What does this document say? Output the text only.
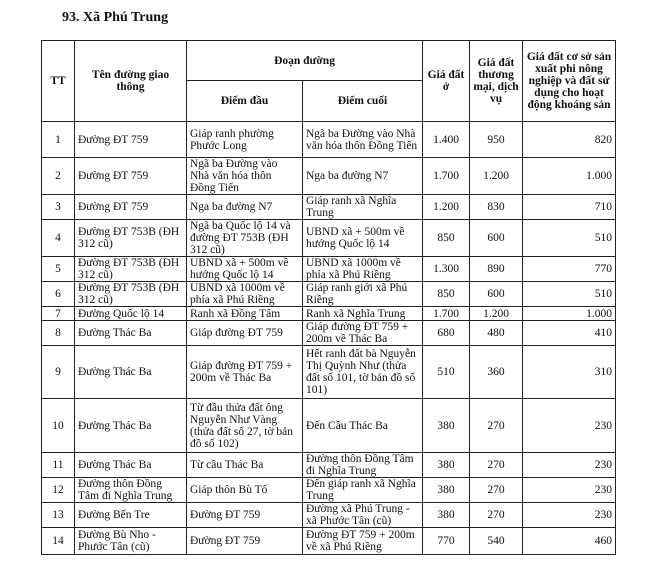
93. Xã Phú Trung
TT	Tên đường giao thông	Đoạn đường		Giá đất ở	Giá đất thương mại, dịch vụ	Giá đất cơ sở sản xuất phi nông nghiệp và đất sử dụng cho hoạt động khoáng sản
		Điểm đầu	Điểm cuối			
1	Đường ĐT 759	Giáp ranh phường Phước Long	Ngã ba Đường vào Nhà văn hóa thôn Đồng Tiến	1.400	950	820
2	Đường ĐT 759	Ngã ba Đường vào Nhà văn hóa thôn Đồng Tiến	Nga ba đường N7	1.700	1.200	1.000
3	Đường ĐT 759	Nga ba đường N7	Giáp ranh xã Nghĩa Trung	1.200	830	710
4	Đường ĐT 753B (ĐH 312 cũ)	Ngã ba Quốc lộ 14 và đường ĐT 753B (ĐH 312 cũ)	UBND xã + 500m về hướng Quốc lộ 14	850	600	510
5	Đường ĐT 753B (ĐH 312 cũ)	UBND xã + 500m về hướng Quốc lộ 14	UBND xã 1000m về phía xã Phú Riềng	1.300	890	770
6	Đường ĐT 753B (ĐH 312 cũ)	UBND xã 1000m về phía xã Phú Riềng	Giáp ranh giới xã Phú Riềng	850	600	510
7	Đường Quốc lộ 14	Ranh xã Đồng Tâm	Ranh xã Nghĩa Trung	1.700	1.200	1.000
8	Đường Thác Ba	Giáp đường ĐT 759	Giáp đường ĐT 759 + 200m về Thác Ba	680	480	410
9	Đường Thác Ba	Giáp đường ĐT 759 + 200m về Thác Ba	Hết ranh đất bà Nguyễn Thị Quỳnh Như (thửa đất số 101, tờ bản đồ số 101)	510	360	310
10	Đường Thác Ba	Từ đầu thửa đất ông Nguyễn Như Vàng (thửa đất số 27, tờ bản đồ số 102)	Đến Cầu Thác Ba	380	270	230
11	Đường Thác Ba	Từ cầu Thác Ba	Đường thôn Đồng Tâm đi Nghĩa Trung	380	270	230
12	Đường thôn Đồng Tâm đi Nghĩa Trung	Giáp thôn Bù Tố	Đến giáp ranh xã Nghĩa Trung	380	270	230
13	Đường Bến Tre	Đường ĐT 759	Đường xã Phú Trung - xã Phước Tân (cũ)	380	270	230
14	Đường Bù Nho - Phước Tân (cũ)	Đường ĐT 759	Đường ĐT 759 + 200m về xã Phú Riềng	770	540	460
